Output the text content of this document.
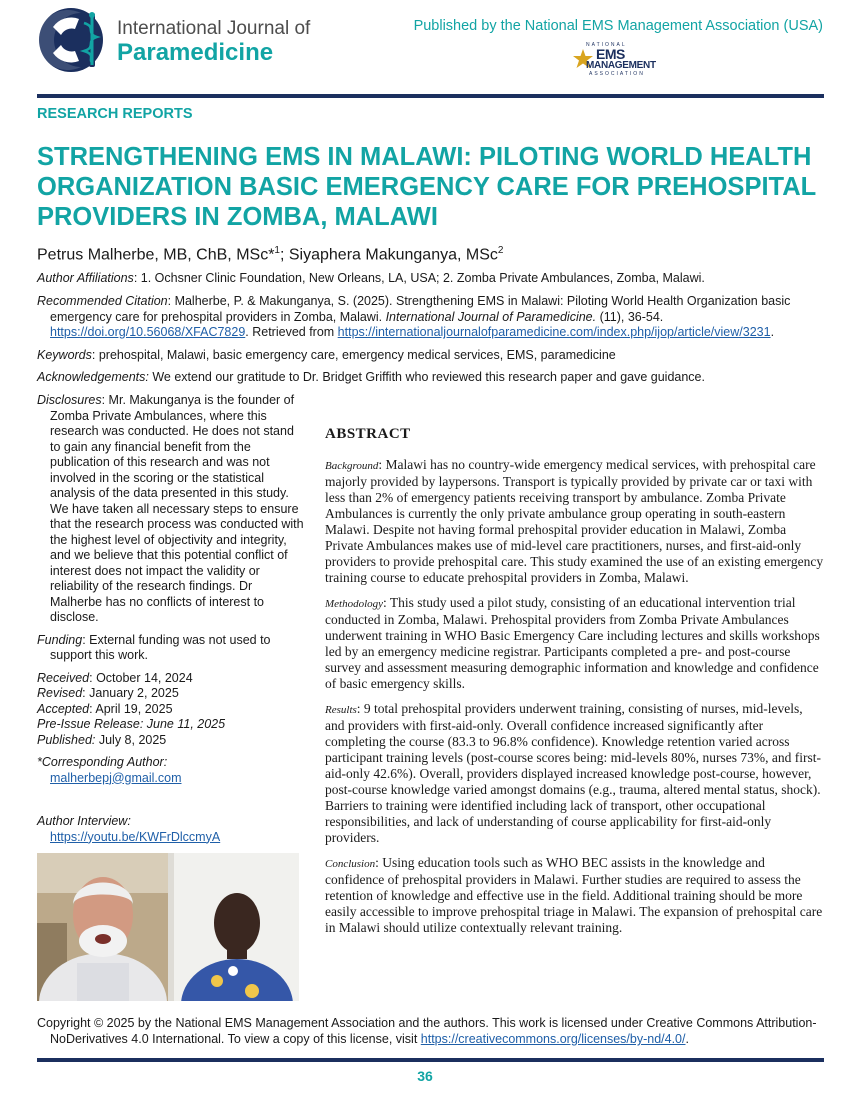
International Journal of
Paramedicine
Published by the National EMS Management Association (USA)
NATIONAL
EMS
MANAGEMENT
ASSOCIATION
RESEARCH REPORTS
STRENGTHENING EMS IN MALAWI: PILOTING WORLD HEALTH ORGANIZATION BASIC EMERGENCY CARE FOR PREHOSPITAL PROVIDERS IN ZOMBA, MALAWI
Petrus Malherbe, MB, ChB, MSc*$^1$; Siyaphera Makunganya, MSc$^2$
Author Affiliations: 1. Ochsner Clinic Foundation, New Orleans, LA, USA; 2. Zomba Private Ambulances, Zomba, Malawi.
Recommended Citation: Malherbe, P. & Makunganya, S. (2025). Strengthening EMS in Malawi: Piloting World Health Organization basic emergency care for prehospital providers in Zomba, Malawi. International Journal of Paramedicine. (11), 36-54. https://doi.org/10.56068/XFAC7829. Retrieved from https://internationaljournalofparamedicine.com/index.php/ijop/article/view/3231.
Keywords: prehospital, Malawi, basic emergency care, emergency medical services, EMS, paramedicine
Acknowledgements: We extend our gratitude to Dr. Bridget Griffith who reviewed this research paper and gave guidance.

Disclosures: Mr. Makunganya is the founder of Zomba Private Ambulances, where this research was conducted. He does not stand to gain any financial benefit from the publication of this research and was not involved in the scoring or the statistical analysis of the data presented in this study. We have taken all necessary steps to ensure that the research process was conducted with the highest level of objectivity and integrity, and we believe that this potential conflict of interest does not impact the validity or reliability of the research findings. Dr Malherbe has no conflicts of interest to disclose.

Funding: External funding was not used to support this work.

Received: October 14, 2024

Revised: January 2, 2025

Accepted: April 19, 2025

Pre-Issue Release: June 11, 2025

Published: July 8, 2025

*Corresponding Author:

malherbepj@gmail.com

Author Interview:

https://youtu.be/KWFrDlccmyA

ABSTRACT

Background: Malawi has no country-wide emergency medical services, with prehospital care majorly provided by laypersons. Transport is typically provided by private car or taxi with less than 2% of emergency patients receiving transport by ambulance. Zomba Private Ambulances is currently the only private ambulance group operating in south-eastern Malawi. Despite not having formal prehospital provider education in Malawi, Zomba Private Ambulances makes use of mid-level care practitioners, nurses, and first-aid-only providers to provide prehospital care. This study examined the use of an existing emergency training course to educate prehospital providers in Zomba, Malawi.

Methodology: This study used a pilot study, consisting of an educational intervention trial conducted in Zomba, Malawi. Prehospital providers from Zomba Private Ambulances underwent training in WHO Basic Emergency Care including lectures and skills workshops led by an emergency medicine registrar. Participants completed a pre- and post-course survey and assessment measuring demographic information and knowledge and confidence of basic emergency skills.

Results: 9 total prehospital providers underwent training, consisting of nurses, mid-levels, and providers with first-aid-only. Overall confidence increased significantly after completing the course (83.3 to 96.8% confidence). Knowledge retention varied across participant training levels (post-course scores being: mid-levels 80%, nurses 73%, and first-aid-only 42.6%). Overall, providers displayed increased knowledge post-course, however, post-course knowledge varied amongst domains (e.g., trauma, altered mental status, shock). Barriers to training were identified including lack of transport, other occupational responsibilities, and lack of understanding of course applicability for first-aid-only providers.

Conclusion: Using education tools such as WHO BEC assists in the knowledge and confidence of prehospital providers in Malawi. Further studies are required to assess the retention of knowledge and effective use in the field. Additional training should be more easily accessible to improve prehospital triage in Malawi. The expansion of prehospital care in Malawi should utilize contextually relevant training.

Copyright © 2025 by the National EMS Management Association and the authors. This work is licensed under Creative Commons Attribution-NoDerivatives 4.0 International. To view a copy of this license, visit https://creativecommons.org/licenses/by-nd/4.0/.
36
